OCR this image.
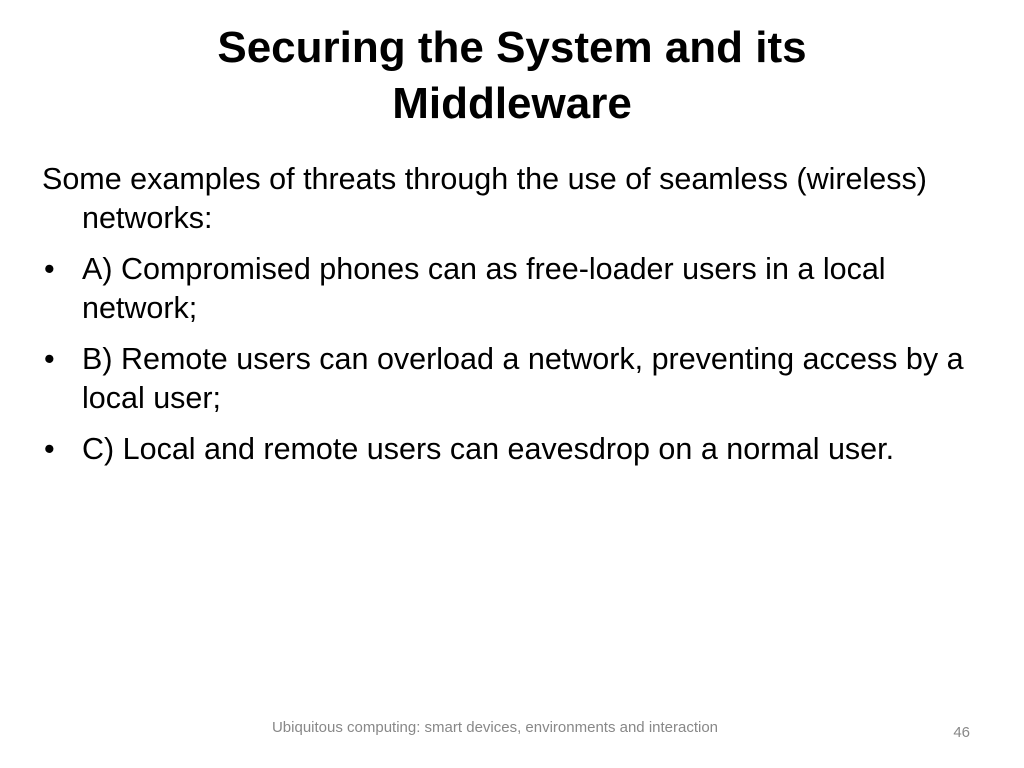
Securing the System and its
Middleware

Some examples of threats through the use of seamless (wireless) networks:

• A) Compromised phones can as free-loader users in a local network;
• B) Remote users can overload a network, preventing access by a local user;
• C) Local and remote users can eavesdrop on a normal user.
Ubiquitous computing: smart devices, environments and interaction	46
